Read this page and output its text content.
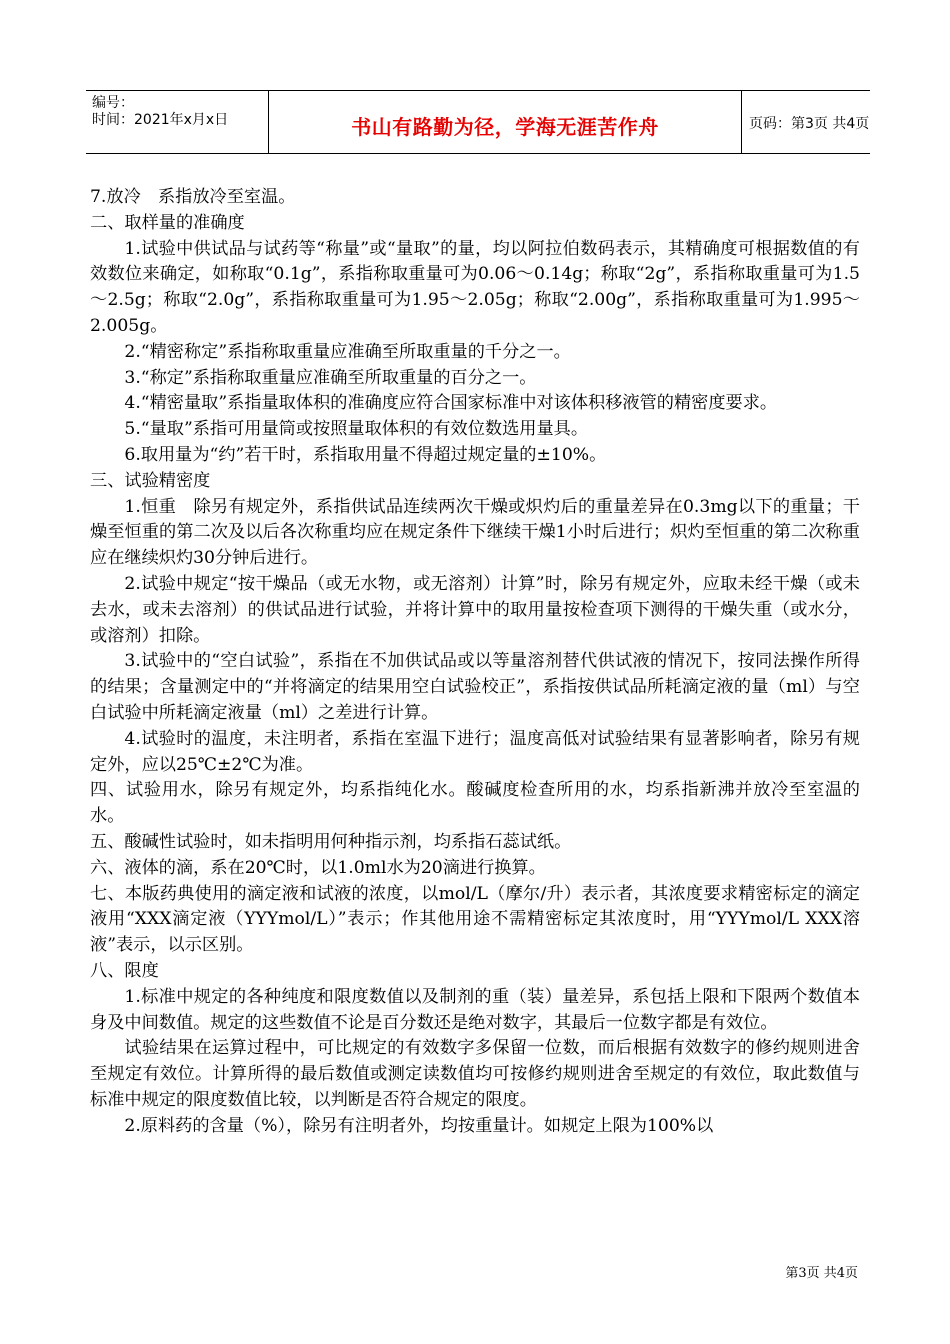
编号：
时间：2021年x月x日	书山有路勤为径，学海无涯苦作舟	页码：第3页 共4页

7.放冷　系指放冷至室温。

二、取样量的准确度

1.试验中供试品与试药等“称量”或“量取”的量，均以阿拉伯数码表示，其精确度可根据数值的有效数位来确定，如称取“0.1g”，系指称取重量可为0.06～0.14g；称取“2g”，系指称取重量可为1.5～2.5g；称取“2.0g”，系指称取重量可为1.95～2.05g；称取“2.00g”，系指称取重量可为1.995～2.005g。

2.“精密称定”系指称取重量应准确至所取重量的千分之一。

3.“称定”系指称取重量应准确至所取重量的百分之一。

4.“精密量取”系指量取体积的准确度应符合国家标准中对该体积移液管的精密度要求。

5.“量取”系指可用量筒或按照量取体积的有效位数选用量具。

6.取用量为“约”若干时，系指取用量不得超过规定量的±10%。

三、试验精密度

1.恒重　除另有规定外，系指供试品连续两次干燥或炽灼后的重量差异在0.3mg以下的重量；干燥至恒重的第二次及以后各次称重均应在规定条件下继续干燥1小时后进行；炽灼至恒重的第二次称重应在继续炽灼30分钟后进行。

2.试验中规定“按干燥品（或无水物，或无溶剂）计算”时，除另有规定外，应取未经干燥（或未去水，或未去溶剂）的供试品进行试验，并将计算中的取用量按检查项下测得的干燥失重（或水分，或溶剂）扣除。

3.试验中的“空白试验”，系指在不加供试品或以等量溶剂替代供试液的情况下，按同法操作所得的结果；含量测定中的“并将滴定的结果用空白试验校正”，系指按供试品所耗滴定液的量（ml）与空白试验中所耗滴定液量（ml）之差进行计算。

4.试验时的温度，未注明者，系指在室温下进行；温度高低对试验结果有显著影响者，除另有规定外，应以25℃±2℃为准。

四、试验用水，除另有规定外，均系指纯化水。酸碱度检查所用的水，均系指新沸并放冷至室温的水。

五、酸碱性试验时，如未指明用何种指示剂，均系指石蕊试纸。

六、液体的滴，系在20℃时，以1.0ml水为20滴进行换算。

七、本版药典使用的滴定液和试液的浓度，以mol/L（摩尔/升）表示者，其浓度要求精密标定的滴定液用“XXX滴定液（YYYmol/L）”表示；作其他用途不需精密标定其浓度时，用“YYYmol/L XXX溶液”表示，以示区别。

八、限度

1.标准中规定的各种纯度和限度数值以及制剂的重（装）量差异，系包括上限和下限两个数值本身及中间数值。规定的这些数值不论是百分数还是绝对数字，其最后一位数字都是有效位。

试验结果在运算过程中，可比规定的有效数字多保留一位数，而后根据有效数字的修约规则进舍至规定有效位。计算所得的最后数值或测定读数值均可按修约规则进舍至规定的有效位，取此数值与标准中规定的限度数值比较，以判断是否符合规定的限度。

2.原料药的含量（%），除另有注明者外，均按重量计。如规定上限为100%以

第3页 共4页
